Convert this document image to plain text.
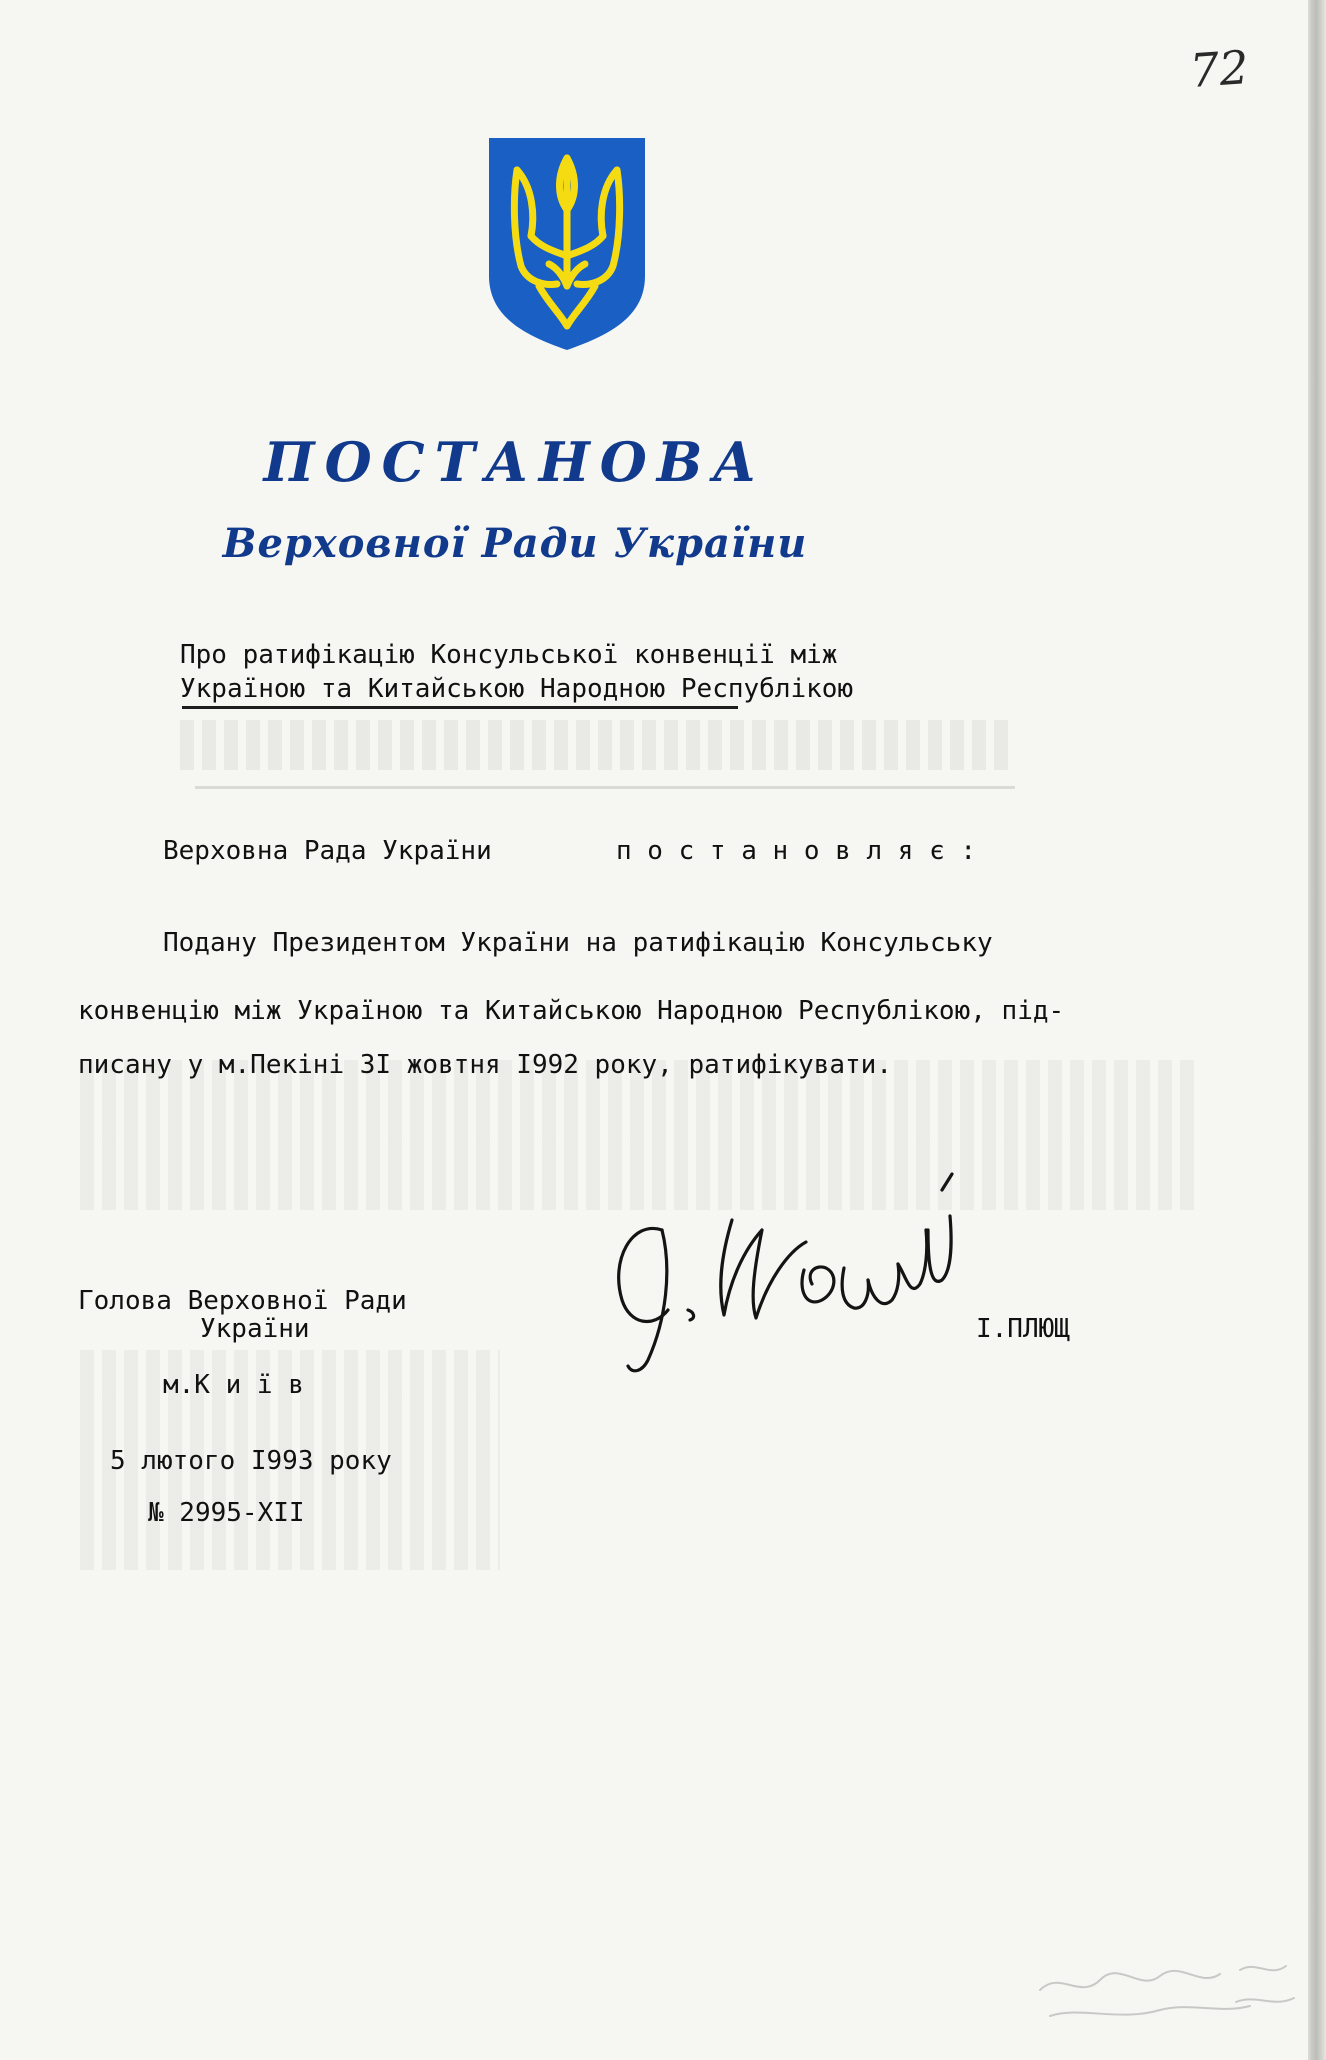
72
ПОСТАНОВА
Верховної Ради України
Про ратифікацію Консульської конвенції між
Україною та Китайською Народною Республікою
Верховна Рада України	п о с т а н о в л я є :
Подану Президентом України на ратифікацію Консульську
конвенцію між Україною та Китайською Народною Республікою, під-
писану у м.Пекіні 3I жовтня I992 року, ратифікувати.
Голова Верховної Ради
України	І.ПЛЮЩ
м.К и ї в
5 лютого I993 року
№ 2995-XII
